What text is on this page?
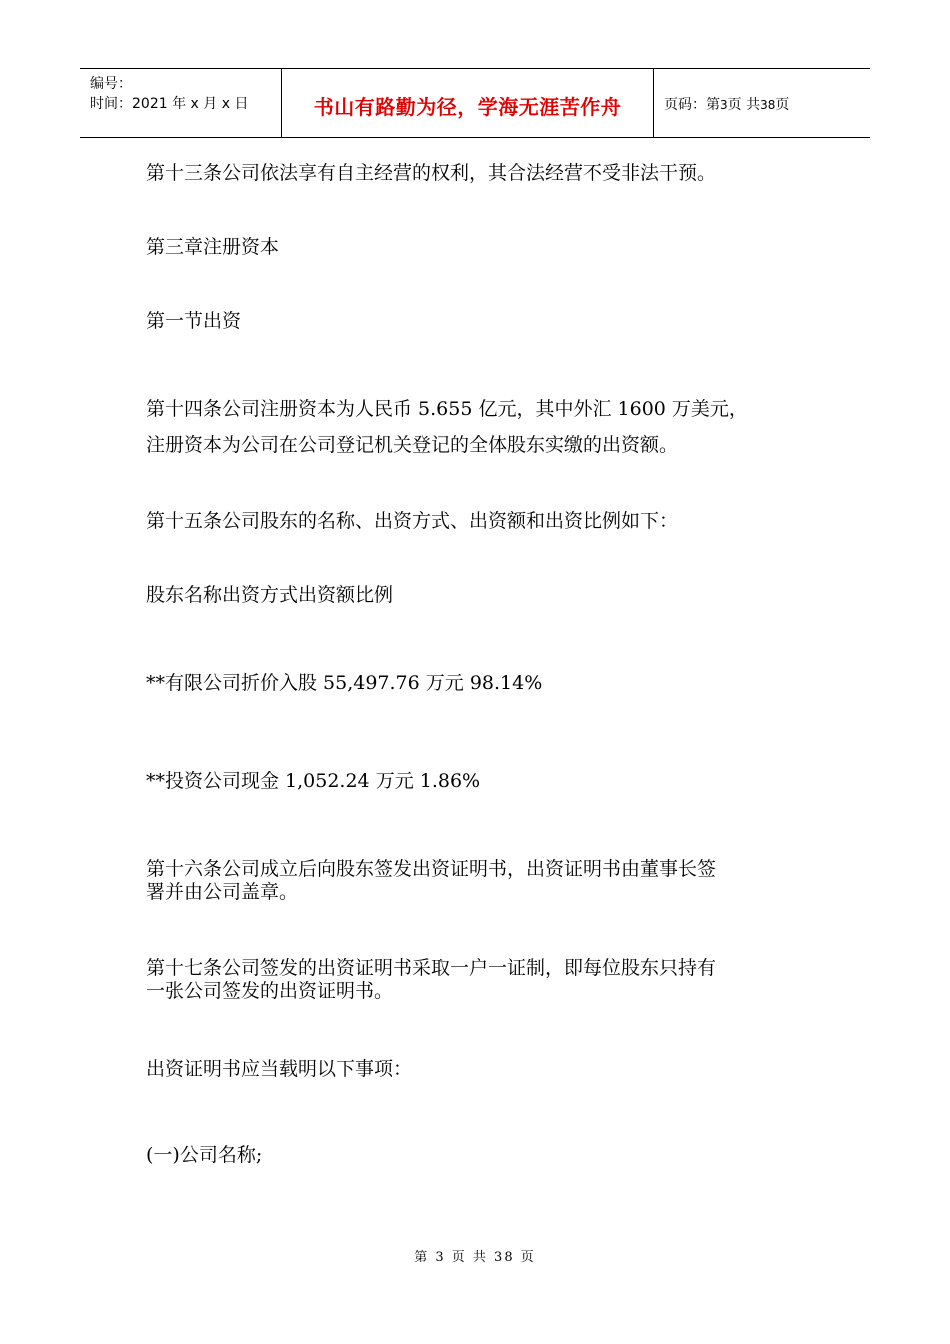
编号：
时间：2021 年 x 月 x 日	书山有路勤为径，学海无涯苦作舟	页码：第3页 共38页
第十三条公司依法享有自主经营的权利，其合法经营不受非法干预。
第三章注册资本
第一节出资
第十四条公司注册资本为人民币 5.655 亿元，其中外汇 1600 万美元，
注册资本为公司在公司登记机关登记的全体股东实缴的出资额。
第十五条公司股东的名称、出资方式、出资额和出资比例如下：
股东名称出资方式出资额比例
**有限公司折价入股 55,497.76 万元 98.14%
**投资公司现金 1,052.24 万元 1.86%
第十六条公司成立后向股东签发出资证明书，出资证明书由董事长签
署并由公司盖章。
第十七条公司签发的出资证明书采取一户一证制，即每位股东只持有
一张公司签发的出资证明书。
出资证明书应当载明以下事项：
(一)公司名称;
第 3 页 共 38 页
